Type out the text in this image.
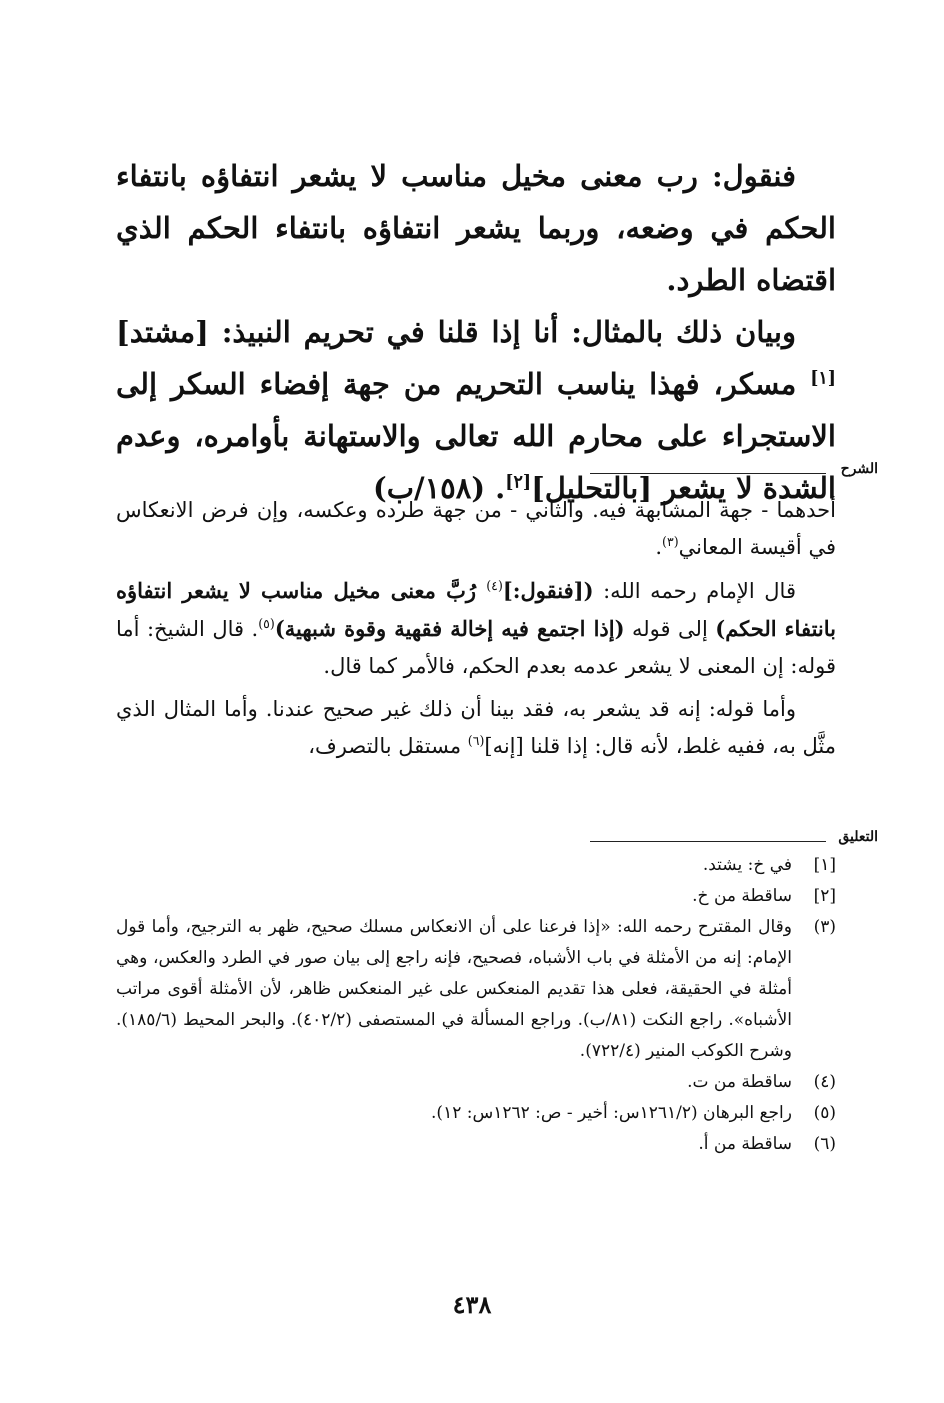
فنقول: رب معنى مخيل مناسب لا يشعر انتفاؤه بانتفاء الحكم في وضعه، وربما يشعر انتفاؤه بانتفاء الحكم الذي اقتضاه الطرد.

وبيان ذلك بالمثال: أنا إذا قلنا في تحريم النبيذ: [مشتد][١] مسكر، فهذا يناسب التحريم من جهة إفضاء السكر إلى الاستجراء على محارم الله تعالى والاستهانة بأوامره، وعدم الشدة لا يشعر [بالتحليل][٢]. (١٥٨/ب)

الشرح

أحدهما - جهة المشابهة فيه. والثاني - من جهة طرده وعكسه، وإن فرض الانعكاس في أقيسة المعاني$^{(٣)}$.

قال الإمام رحمه الله: ([فنقول:]$^{(٤)}$ رُبَّ معنى مخيل مناسب لا يشعر انتفاؤه بانتفاء الحكم) إلى قوله (إذا اجتمع فيه إخالة فقهية وقوة شبهية)$^{(٥)}$. قال الشيخ: أما قوله: إن المعنى لا يشعر عدمه بعدم الحكم، فالأمر كما قال.

وأما قوله: إنه قد يشعر به، فقد بينا أن ذلك غير صحيح عندنا. وأما المثال الذي مثَّل به، ففيه غلط، لأنه قال: إذا قلنا [إنه]$^{(٦)}$ مستقل بالتصرف،

التعليق
[١]
في خ: يشتد.
[٢]
ساقطة من خ.
(٣)
وقال المقترح رحمه الله: «إذا فرعنا على أن الانعكاس مسلك صحيح، ظهر به الترجيح، وأما قول الإمام: إنه من الأمثلة في باب الأشباه، فصحيح، فإنه راجع إلى بيان صور في الطرد والعكس، وهي أمثلة في الحقيقة، فعلى هذا تقديم المنعكس على غير المنعكس ظاهر، لأن الأمثلة أقوى مراتب الأشباه». راجع النكت (٨١/ب). وراجع المسألة في المستصفى (٤٠٢/٢). والبحر المحيط (١٨٥/٦). وشرح الكوكب المنير (٧٢٢/٤).
(٤)
ساقطة من ت.
(٥)
راجع البرهان (١٢٦١/٢س: أخير - ص: ١٢٦٢س: ١٢).
(٦)
ساقطة من أ.
٤٣٨
